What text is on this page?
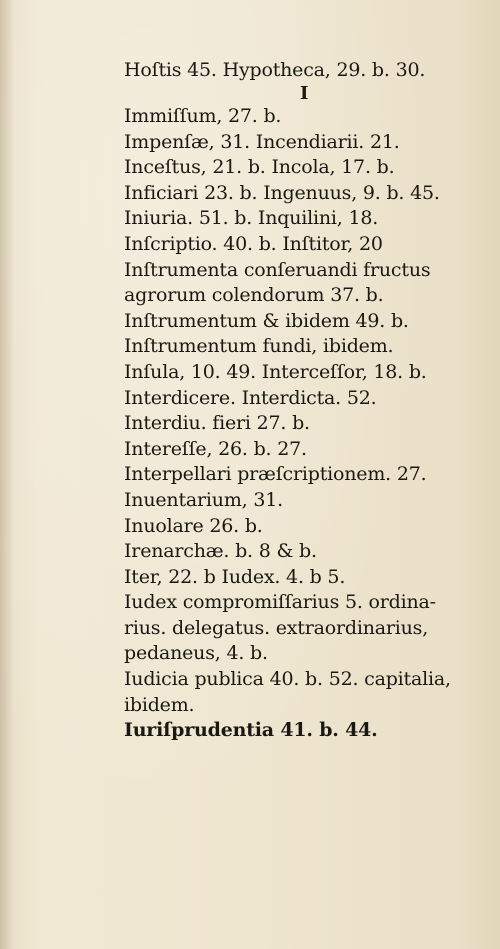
Hoſtis 45. Hypotheca, 29. b. 30.
I
Immiſſum, 27. b.
Impenſæ, 31. Incendiarii. 21.
Inceſtus, 21. b. Incola, 17. b.
Inficiari 23. b. Ingenuus, 9. b. 45.
Iniuria. 51. b. Inquilini, 18.
Inſcriptio. 40. b. Inſtitor, 20
Inſtrumenta conſeruandi fructus
agrorum colendorum 37. b.
Inſtrumentum & ibidem 49. b.
Inſtrumentum fundi, ibidem.
Inſula, 10. 49. Interceſſor, 18. b.
Interdicere. Interdicta. 52.
Interdiu. fieri 27. b.
Intereſſe, 26. b. 27.
Interpellari præſcriptionem. 27.
Inuentarium, 31.
Inuolare 26. b.
Irenarchæ. b. 8 & b.
Iter, 22. b Iudex. 4. b 5.
Iudex compromiſſarius 5. ordina-
rius. delegatus. extraordinarius,
pedaneus, 4. b.
Iudicia publica 40. b. 52. capitalia,
ibidem.
Iuriſprudentia 41. b. 44.
